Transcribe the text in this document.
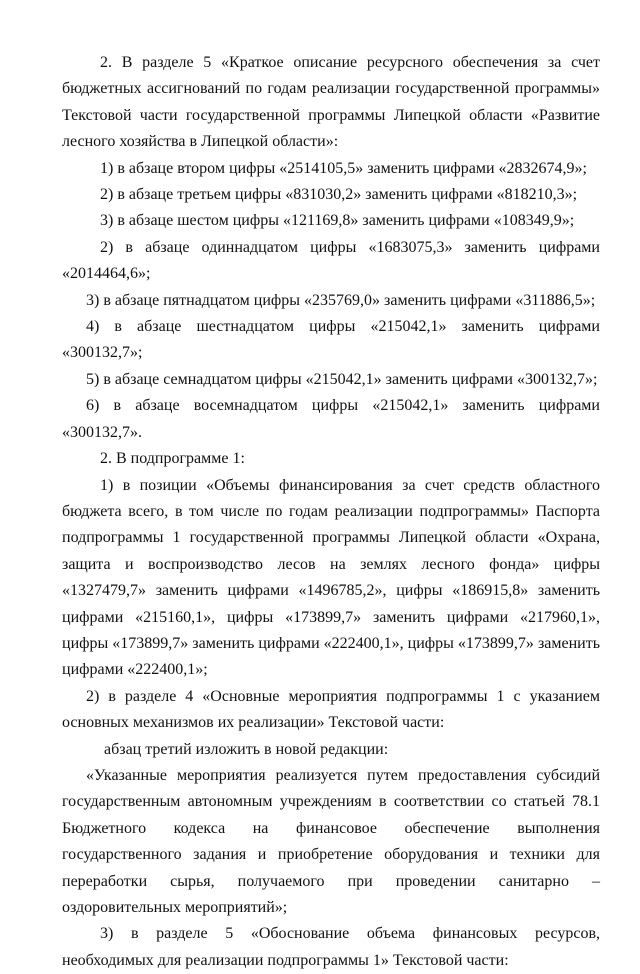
2. В разделе 5 «Краткое описание ресурсного обеспечения за счет бюджетных ассигнований по годам реализации государственной программы» Текстовой части государственной программы Липецкой области «Развитие лесного хозяйства в Липецкой области»:

1) в абзаце втором цифры «2514105,5» заменить цифрами «2832674,9»;

2) в абзаце третьем цифры «831030,2» заменить цифрами «818210,3»;

3) в абзаце шестом цифры «121169,8» заменить цифрами «108349,9»;

2) в абзаце одиннадцатом цифры «1683075,3» заменить цифрами «2014464,6»;

3) в абзаце пятнадцатом цифры «235769,0» заменить цифрами «311886,5»;

4) в абзаце шестнадцатом цифры «215042,1» заменить цифрами «300132,7»;

5) в абзаце семнадцатом цифры «215042,1» заменить цифрами «300132,7»;

6) в абзаце восемнадцатом цифры «215042,1» заменить цифрами «300132,7».

2. В подпрограмме 1:

1) в позиции «Объемы финансирования за счет средств областного бюджета всего, в том числе по годам реализации подпрограммы» Паспорта подпрограммы 1 государственной программы Липецкой области «Охрана, защита и воспроизводство лесов на землях лесного фонда» цифры «1327479,7» заменить цифрами «1496785,2», цифры «186915,8» заменить цифрами «215160,1», цифры «173899,7» заменить цифрами «217960,1», цифры «173899,7» заменить цифрами «222400,1», цифры «173899,7» заменить цифрами «222400,1»;

2) в разделе 4 «Основные мероприятия подпрограммы 1 с указанием основных механизмов их реализации» Текстовой части:

абзац третий изложить в новой редакции:

«Указанные мероприятия реализуется путем предоставления субсидий государственным автономным учреждениям в соответствии со статьей 78.1 Бюджетного кодекса на финансовое обеспечение выполнения государственного задания и приобретение оборудования и техники для переработки сырья, получаемого при проведении санитарно – оздоровительных мероприятий»;

3) в разделе 5 «Обоснование объема финансовых ресурсов, необходимых для реализации подпрограммы 1» Текстовой части:
